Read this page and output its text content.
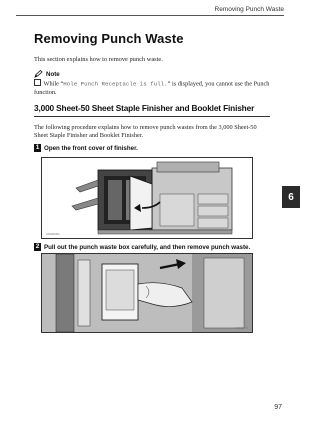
Removing Punch Waste
Removing Punch Waste
This section explains how to remove punch waste.
Note
While “Hole Punch Receptacle is full.” is displayed, you cannot use the Punch function.
3,000 Sheet-50 Sheet Staple Finisher and Booklet Finisher
The following procedure explains how to remove punch wastes from the 3,000 Sheet-50 Sheet Staple Finisher and Booklet Finisher.
1 Open the front cover of finisher.
AMS006S
2 Pull out the punch waste box carefully, and then remove punch waste.
AMS007S
6
97
